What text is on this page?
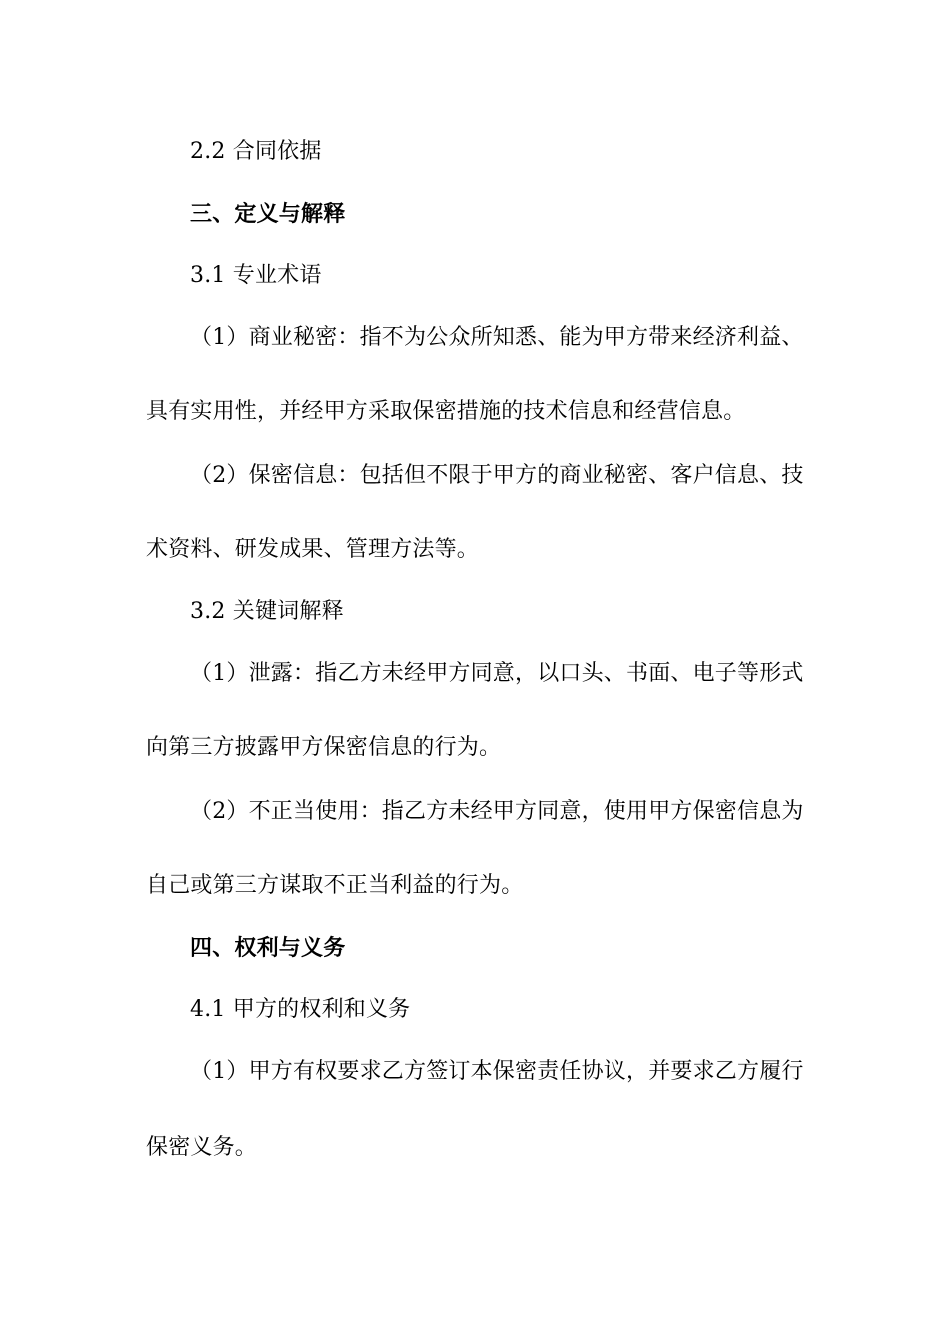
2.2 合同依据
三、定义与解释
3.1 专业术语
（1）商业秘密：指不为公众所知悉、能为甲方带来经济利益、
具有实用性，并经甲方采取保密措施的技术信息和经营信息。
（2）保密信息：包括但不限于甲方的商业秘密、客户信息、技
术资料、研发成果、管理方法等。
3.2 关键词解释
（1）泄露：指乙方未经甲方同意，以口头、书面、电子等形式
向第三方披露甲方保密信息的行为。
（2）不正当使用：指乙方未经甲方同意，使用甲方保密信息为
自己或第三方谋取不正当利益的行为。
四、权利与义务
4.1 甲方的权利和义务
（1）甲方有权要求乙方签订本保密责任协议，并要求乙方履行
保密义务。
